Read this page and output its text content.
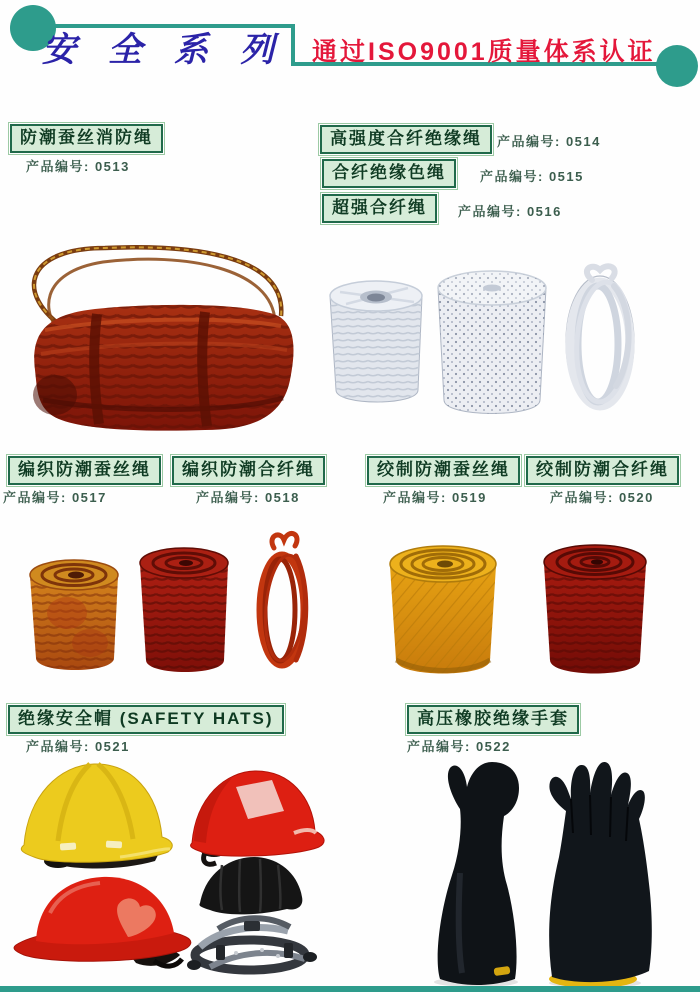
安全系列 通过ISO9001质量体系认证
防潮蚕丝消防绳
产品编号: 0513
高强度合纤绝缘绳	产品编号: 0514
合纤绝缘色绳	产品编号: 0515
超强合纤绳	产品编号: 0516
编织防潮蚕丝绳
产品编号: 0517
编织防潮合纤绳
产品编号: 0518
绞制防潮蚕丝绳
产品编号: 0519
绞制防潮合纤绳
产品编号: 0520
绝缘安全帽 (SAFETY HATS)
产品编号: 0521
高压橡胶绝缘手套
产品编号: 0522
